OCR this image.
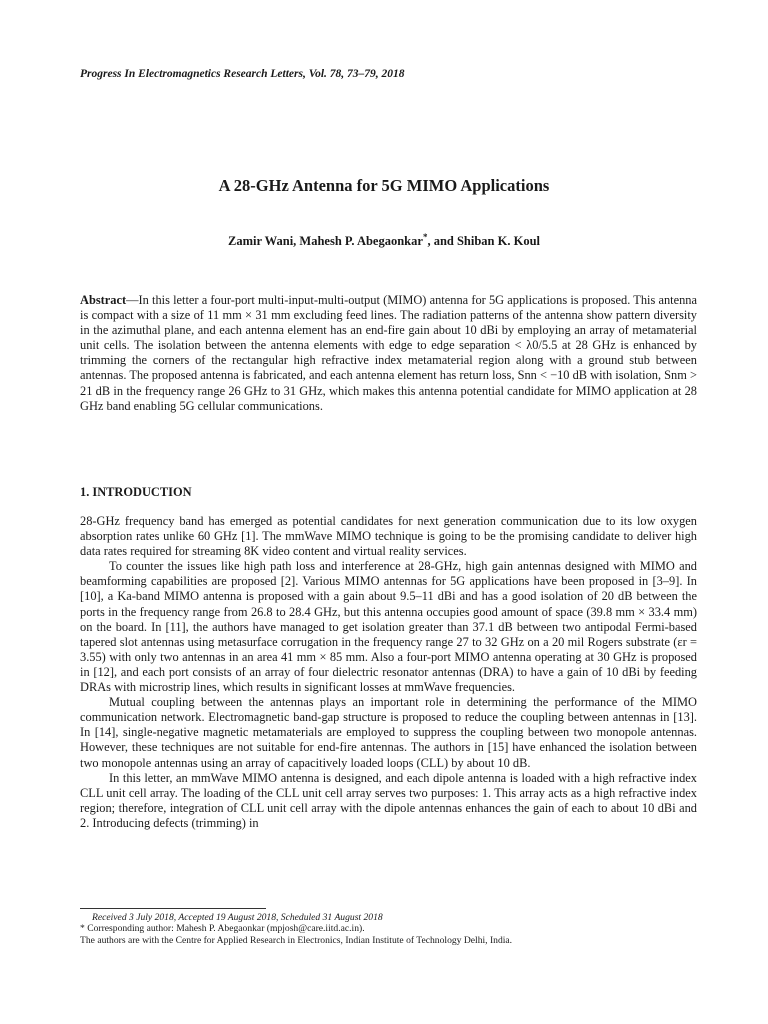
Progress In Electromagnetics Research Letters, Vol. 78, 73–79, 2018
A 28-GHz Antenna for 5G MIMO Applications
Zamir Wani, Mahesh P. Abegaonkar*, and Shiban K. Koul
Abstract—In this letter a four-port multi-input-multi-output (MIMO) antenna for 5G applications is proposed. This antenna is compact with a size of 11 mm × 31 mm excluding feed lines. The radiation patterns of the antenna show pattern diversity in the azimuthal plane, and each antenna element has an end-fire gain about 10 dBi by employing an array of metamaterial unit cells. The isolation between the antenna elements with edge to edge separation < λ0/5.5 at 28 GHz is enhanced by trimming the corners of the rectangular high refractive index metamaterial region along with a ground stub between antennas. The proposed antenna is fabricated, and each antenna element has return loss, Snn < −10 dB with isolation, Snm > 21 dB in the frequency range 26 GHz to 31 GHz, which makes this antenna potential candidate for MIMO application at 28 GHz band enabling 5G cellular communications.
1. INTRODUCTION

28-GHz frequency band has emerged as potential candidates for next generation communication due to its low oxygen absorption rates unlike 60 GHz [1]. The mmWave MIMO technique is going to be the promising candidate to deliver high data rates required for streaming 8K video content and virtual reality services.

To counter the issues like high path loss and interference at 28-GHz, high gain antennas designed with MIMO and beamforming capabilities are proposed [2]. Various MIMO antennas for 5G applications have been proposed in [3–9]. In [10], a Ka-band MIMO antenna is proposed with a gain about 9.5–11 dBi and has a good isolation of 20 dB between the ports in the frequency range from 26.8 to 28.4 GHz, but this antenna occupies good amount of space (39.8 mm × 33.4 mm) on the board. In [11], the authors have managed to get isolation greater than 37.1 dB between two antipodal Fermi-based tapered slot antennas using metasurface corrugation in the frequency range 27 to 32 GHz on a 20 mil Rogers substrate (εr = 3.55) with only two antennas in an area 41 mm × 85 mm. Also a four-port MIMO antenna operating at 30 GHz is proposed in [12], and each port consists of an array of four dielectric resonator antennas (DRA) to have a gain of 10 dBi by feeding DRAs with microstrip lines, which results in significant losses at mmWave frequencies.

Mutual coupling between the antennas plays an important role in determining the performance of the MIMO communication network. Electromagnetic band-gap structure is proposed to reduce the coupling between antennas in [13]. In [14], single-negative magnetic metamaterials are employed to suppress the coupling between two monopole antennas. However, these techniques are not suitable for end-fire antennas. The authors in [15] have enhanced the isolation between two monopole antennas using an array of capacitively loaded loops (CLL) by about 10 dB.

In this letter, an mmWave MIMO antenna is designed, and each dipole antenna is loaded with a high refractive index CLL unit cell array. The loading of the CLL unit cell array serves two purposes: 1. This array acts as a high refractive index region; therefore, integration of CLL unit cell array with the dipole antennas enhances the gain of each to about 10 dBi and 2. Introducing defects (trimming) in

Received 3 July 2018, Accepted 19 August 2018, Scheduled 31 August 2018
* Corresponding author: Mahesh P. Abegaonkar (mpjosh@care.iitd.ac.in).
The authors are with the Centre for Applied Research in Electronics, Indian Institute of Technology Delhi, India.
